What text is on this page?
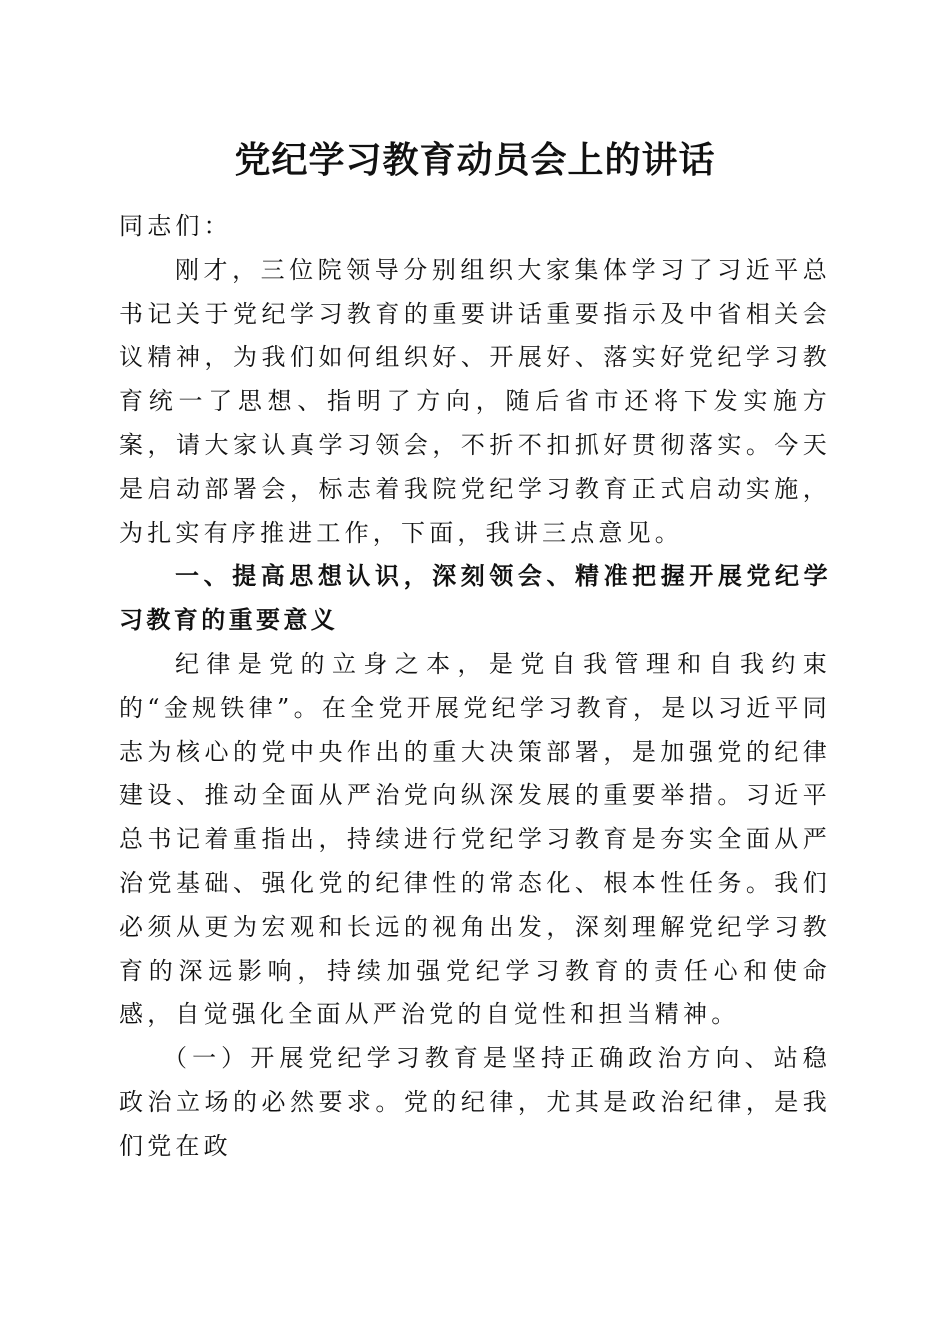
党纪学习教育动员会上的讲话

同志们：

刚才，三位院领导分别组织大家集体学习了习近平总书记关于党纪学习教育的重要讲话重要指示及中省相关会议精神，为我们如何组织好、开展好、落实好党纪学习教育统一了思想、指明了方向，随后省市还将下发实施方案，请大家认真学习领会，不折不扣抓好贯彻落实。今天是启动部署会，标志着我院党纪学习教育正式启动实施，为扎实有序推进工作，下面，我讲三点意见。

一、提高思想认识，深刻领会、精准把握开展党纪学习教育的重要意义

纪律是党的立身之本，是党自我管理和自我约束的“金规铁律”。在全党开展党纪学习教育，是以习近平同志为核心的党中央作出的重大决策部署，是加强党的纪律建设、推动全面从严治党向纵深发展的重要举措。习近平总书记着重指出，持续进行党纪学习教育是夯实全面从严治党基础、强化党的纪律性的常态化、根本性任务。我们必须从更为宏观和长远的视角出发，深刻理解党纪学习教育的深远影响，持续加强党纪学习教育的责任心和使命感，自觉强化全面从严治党的自觉性和担当精神。

（一）开展党纪学习教育是坚持正确政治方向、站稳政治立场的必然要求。党的纪律，尤其是政治纪律，是我们党在政
